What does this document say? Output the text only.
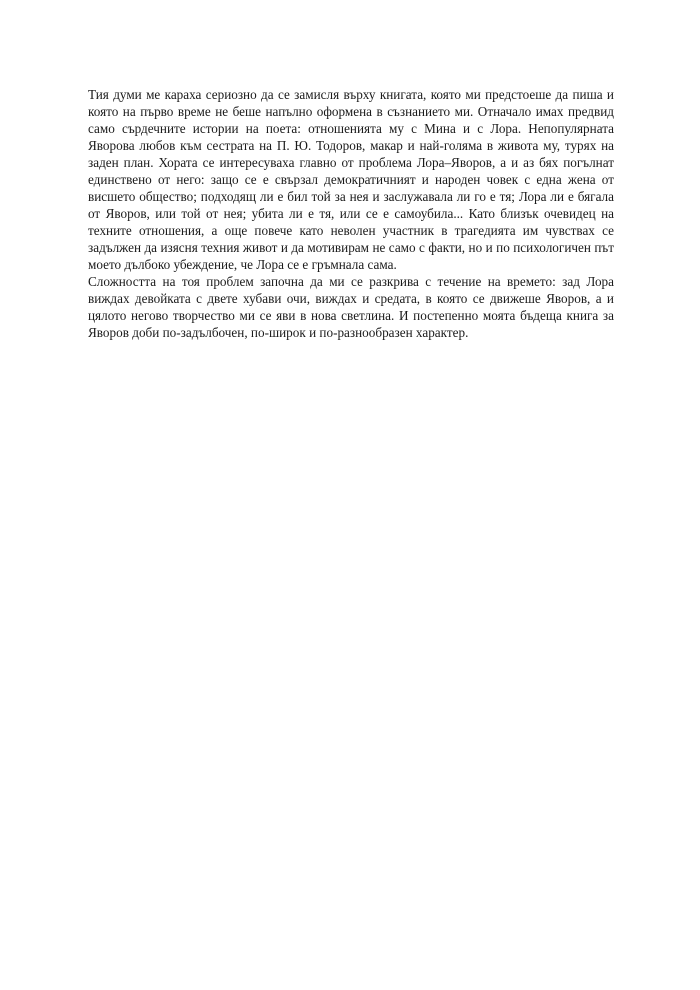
Тия думи ме караха сериозно да се замисля върху книгата, която ми предстоеше да пиша и която на първо време не беше напълно оформена в съзнанието ми. Отначало имах предвид само сърдечните истории на поета: отношенията му с Мина и с Лора. Непопулярната Яворова любов към сестрата на П. Ю. Тодоров, макар и най-голяма в живота му, турях на заден план. Хората се интересуваха главно от проблема Лора–Яворов, а и аз бях погълнат единствено от него: защо се е свързал демократичният и народен човек с една жена от висшето общество; подходящ ли е бил той за нея и заслужавала ли го е тя; Лора ли е бягала от Яворов, или той от нея; убита ли е тя, или се е самоубила... Като близък очевидец на техните отношения, а още повече като неволен участник в трагедията им чувствах се задължен да изясня техния живот и да мотивирам не само с факти, но и по психологичен път моето дълбоко убеждение, че Лора се е гръмнала сама.

Сложността на тоя проблем започна да ми се разкрива с течение на времето: зад Лора виждах девойката с двете хубави очи, виждах и средата, в която се движеше Яворов, а и цялото негово творчество ми се яви в нова светлина. И постепенно моята бъдеща книга за Яворов доби по-задълбочен, по-широк и по-разнообразен характер.
